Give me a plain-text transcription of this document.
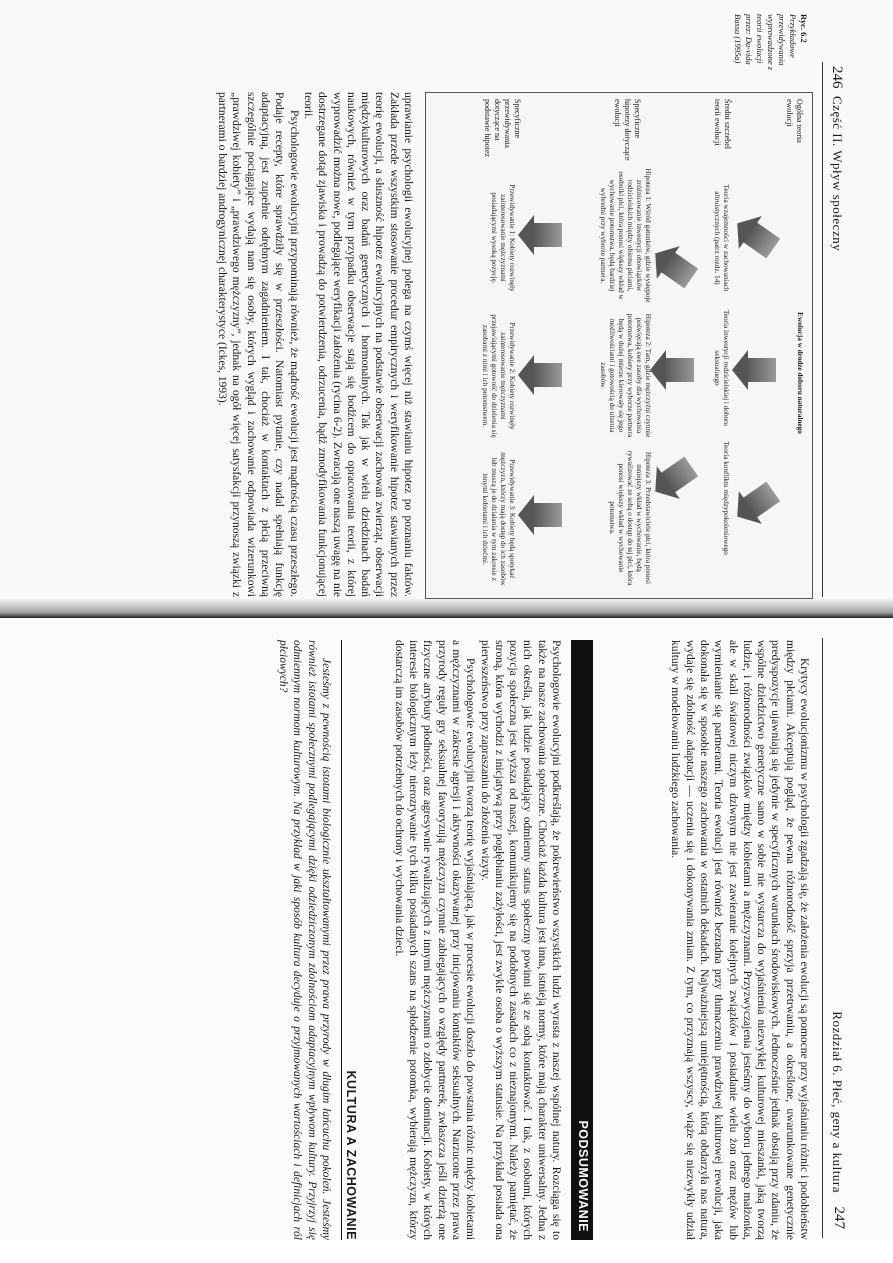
246
Część II. Wpływ społeczny
Ryc. 6.2
Przykładowe przewidywania wyprowadzone z teorii ewolucji przez: Da-vida Bussa (1995a)
Ogólna teoria ewolucji
Średni szczebel teorii ewolucji
Specyficzne hipotezy dotyczące ewolucji
Specyficzne przewidywania dotyczące na podstawie hipotez
Ewolucja w drodze doboru naturalnego
Teoria wzajemności w zachowaniach altruistycznych (patrz rozdz. 14)
Teoria inwestycji rodzicielskiej i doboru seksualnego
Teoria konfliktu międzypokoleniowego
Hipoteza 1: Wśród gatunków, gdzie występuje zróżnicowanie inwestycji obowiązków rodzicielskich między obiema płciami, osobniki płci, która ponosi większy wkład w wychowanie potomstwa, będą bardziej wybredni przy wyborze partnera.
Hipoteza 2: Tam, gdzie mężczyźni czynnie poświęcają swe zasoby dla wychowania potomstwa, kobiety przy wyborze partnera będą w dużej mierze kierowały się jego możliwościami i gotowością do ulzenia zasobów.
Hipoteza 3: Przedstawiciele płci, która ponosi mniejszy wkład w wychowanie, będą rywalizować ze sobą o dostęp do tej płci, która ponosi większy wkład w wychowanie potomstwa.
Przewidywanie 1: Kobiety rozwinęły zainteresowanie mężczyznami posiadającymi wysoką pozycję.
Przewidywanie 2: Kobiety rozwinęły zainteresowanie mężczyznami przejawiającymi gotowość do dzielenia się zasobami z nimi i ich potomstwem.
Przewidywanie 3: Kobiety będą spotykać mężczyzn, którzy mają dostęp do ich zasobów lub muszą je do działania w tym zakresie z innymi kobietami i ich dziećmi.

uprawianie psychologii ewolucyjnej polega na czymś więcej niż stawianiu hipotez po poznaniu faktów. Zakłada przede wszystkim stosowanie procedur empirycznych i weryfikowanie hipotez stawianych przez teorię ewolucji, a słuszność hipotez ewolucyjnych na podstawie obserwacji zachowań zwierząt, obserwacji międzykulturowych oraz badań genetycznych i hormonalnych. Tak jak w wielu dziedzinach badań naukowych, również w tym przypadku obserwacje stają się bodźcem do opracowania teorii, z której wyprowadzić można nowe, podlegające weryfikacji założenia (rycina 6-2). Zwracają one naszą uwagę na nie dostrzegane dotąd zjawiska i prowadzą do potwierdzenia, odrzucenia, bądź zmodyfikowania funkcjonującej teorii.

Psychologowie ewolucyjni przypominają również, że mądrość ewolucji jest mądrością czasu przeszłego. Podaje recepty, które sprawdziły się w przeszłości. Natomiast pytanie, czy nadal spełniają funkcję adaptacyjną, jest zupełnie odrębnym zagadnieniem. I tak, chociaż w kontaktach z płcią przeciwną szczególnie pociągające wydają nam się osoby, których wygląd i zachowanie odpowiada wizerunkowi „prawdziwej kobiety” i „prawdziwego mężczyzny”, jednak na ogół więcej satysfakcji przynoszą związki z partnerami o bardziej androgynicznej charakterystyce (Ickes, 1993).

Rozdział 6. Płeć, geny a kultura
247

Krytycy ewolucjonizmu w psychologii zgadzają się, że założenia ewolucji są pomocne przy wyjaśnianiu różnic i podobieństw między płciami. Akceptują pogląd, że pewna różnorodność sprzyja przetrwaniu, a określone, uwarunkowane genetycznie predyspozycje ujawniają się jedynie w specyficznych warunkach środowiskowych. Jednocześnie jednak obstają przy zdaniu, że wspólne dziedzictwo genetyczne samo w sobie nie wystarcza do wyjaśnienia niezwykłej kulturowej mieszanki, jaką tworzą ludzie, i różnorodności związków między kobietami a mężczyznami. Przyzwyczajenia jesteśmy do wyboru jednego małżonka, ale w skali światowej niczym dziwnym nie jest zawieranie kolejnych związków i posiadanie wielu żon oraz mężów lub wymienianie się partnerami. Teoria ewolucji jest również bezradna przy tłumaczeniu prawdziwej kulturowej rewolucji, jaka dokonała się w sposobie naszego zachowania w ostatnich dekadach. Najważniejszą umiejętnością, którą obdarzyła nas natura, wydaje się zdolność adaptacji — uczenia się i dokonywania zmian. Z tym, co przyznają wszyscy, wiąże się niezwykły udział kultury w modelowaniu ludzkiego zachowania.

PODSUMOWANIE

Psychologowie ewolucyjni podkreślają, że pokrewieństwo wszystkich ludzi wyrasta z naszej wspólnej natury. Rozciąga się to także na nasze zachowania społeczne. Chociaż każda kultura jest inna, istnieją normy, które mają charakter uniwersalny. Jedna z nich określa, jak ludzie posiadający odmienny status społeczny powinni się ze sobą kontaktować. I tak, z osobami, których pozycja społeczna jest wyższa od naszej, komunikujemy się na podobnych zasadach co z nieznajomymi. Należy pamiętać, że stroną, która wychodzi z inicjatywą przy pogłębianiu zażyłości, jest zwykle osoba o wyższym statusie. Na przykład posiada ona pierwszeństwo przy zapraszaniu do złożenia wizyty.

Psychologowie ewolucyjni tworzą teorię wyjaśniającą, jak w procesie ewolucji doszło do powstania różnic między kobietami a mężczyznami w zakresie agresji i aktywności okazywanej przy inicjowaniu kontaktów seksualnych. Narzucone przez prawa przyrody reguły gry seksualnej faworyzują mężczyzn czynnie zabiegających o względy partnerek, zwłaszcza jeśli dzierżą one fizyczne atrybuty płodności, oraz agresywnie rywalizujących z innymi mężczyznami o zdobycie dominacji. Kobiety, w których interesie biologicznym leży nierozrywanie tych kilku posiadanych szans na spłodzenie potomka, wybierają mężczyzn, którzy dostarczą im zasobów potrzebnych do ochrony i wychowania dzieci.

KULTURA A ZACHOWANIE

Jesteśmy z pewnością istotami biologicznie ukształtowanymi przez prawa przyrody w długim łańcuchu pokoleń. Jesteśmy również istotami społecznymi podlegającymi dzięki odziedziczonym zdolnościom adaptacyjnym wpływom kultury. Przyjrzyj się odmiennym normom kulturowym. Na przykład w jaki sposób kultura decyduje o przyjmowanych wartościach i definicjach ról płciowych?
